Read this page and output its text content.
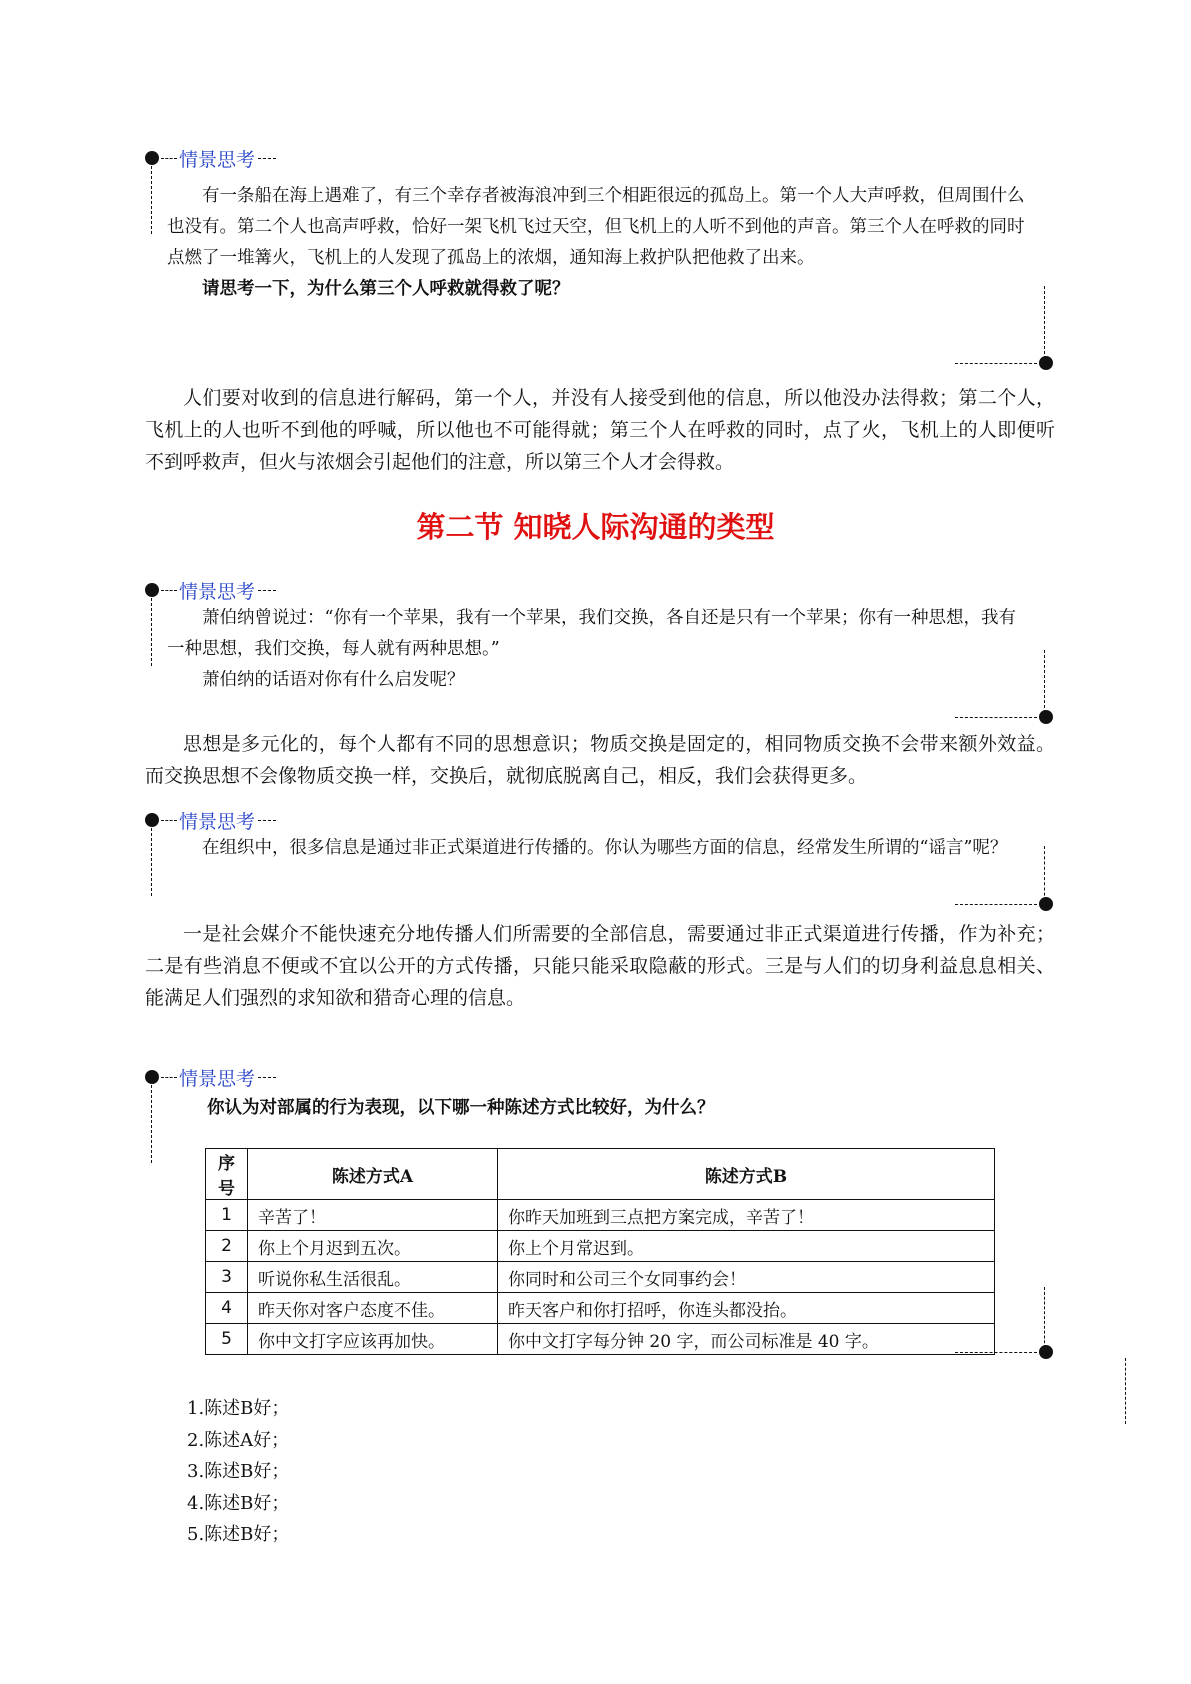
情景思考

有一条船在海上遇难了，有三个幸存者被海浪冲到三个相距很远的孤岛上。第一个人大声呼救，但周围什么也没有。第二个人也高声呼救，恰好一架飞机飞过天空，但飞机上的人听不到他的声音。第三个人在呼救的同时点燃了一堆篝火，飞机上的人发现了孤岛上的浓烟，通知海上救护队把他救了出来。

请思考一下，为什么第三个人呼救就得救了呢？

人们要对收到的信息进行解码，第一个人，并没有人接受到他的信息，所以他没办法得救；第二个人，飞机上的人也听不到他的呼喊，所以他也不可能得就；第三个人在呼救的同时，点了火，飞机上的人即便听不到呼救声，但火与浓烟会引起他们的注意，所以第三个人才会得救。

第二节 知晓人际沟通的类型
情景思考

萧伯纳曾说过：“你有一个苹果，我有一个苹果，我们交换，各自还是只有一个苹果；你有一种思想，我有一种思想，我们交换，每人就有两种思想。”

萧伯纳的话语对你有什么启发呢？

思想是多元化的，每个人都有不同的思想意识；物质交换是固定的，相同物质交换不会带来额外效益。而交换思想不会像物质交换一样，交换后，就彻底脱离自己，相反，我们会获得更多。

情景思考

在组织中，很多信息是通过非正式渠道进行传播的。你认为哪些方面的信息，经常发生所谓的“谣言”呢？

一是社会媒介不能快速充分地传播人们所需要的全部信息，需要通过非正式渠道进行传播，作为补充；二是有些消息不便或不宜以公开的方式传播，只能只能采取隐蔽的形式。三是与人们的切身利益息息相关、能满足人们强烈的求知欲和猎奇心理的信息。

情景思考
你认为对部属的行为表现，以下哪一种陈述方式比较好，为什么？
序号	陈述方式A	陈述方式B
1	辛苦了！	你昨天加班到三点把方案完成，辛苦了！
2	你上个月迟到五次。	你上个月常迟到。
3	听说你私生活很乱。	你同时和公司三个女同事约会！
4	昨天你对客户态度不佳。	昨天客户和你打招呼，你连头都没抬。
5	你中文打字应该再加快。	你中文打字每分钟 20 字，而公司标准是 40 字。
1.陈述B好；
2.陈述A好；
3.陈述B好；
4.陈述B好；
5.陈述B好；
